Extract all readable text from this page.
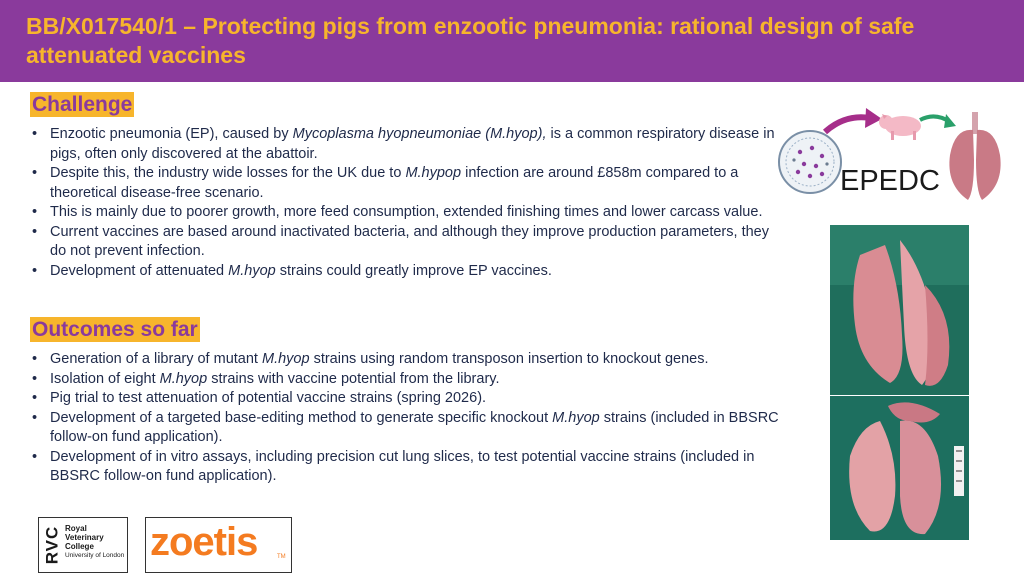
BB/X017540/1 – Protecting pigs from enzootic pneumonia: rational design of safe attenuated vaccines
Challenge
• Enzootic pneumonia (EP), caused by Mycoplasma hyopneumoniae (M.hyop), is a common respiratory disease in pigs, often only discovered at the abattoir.
• Despite this, the industry wide losses for the UK due to M.hypop infection are around £858m compared to a theoretical disease-free scenario.
• This is mainly due to poorer growth, more feed consumption, extended finishing times and lower carcass value.
• Current vaccines are based around inactivated bacteria, and although they improve production parameters, they do not prevent infection.
• Development of attenuated M.hyop strains could greatly improve EP vaccines.
Outcomes so far
• Generation of a library of mutant M.hyop strains using random transposon insertion to knockout genes.
• Isolation of eight M.hyop strains with vaccine potential from the library.
• Pig trial to test attenuation of potential vaccine strains (spring 2026).
• Development of a targeted base-editing method to generate specific knockout M.hyop strains (included in BBSRC follow-on fund application).
• Development of in vitro assays, including precision cut lung slices, to test potential vaccine strains (included in BBSRC follow-on fund application).
EPEDC
RVC Royal
Veterinary
College
University of London zoetis	TM
